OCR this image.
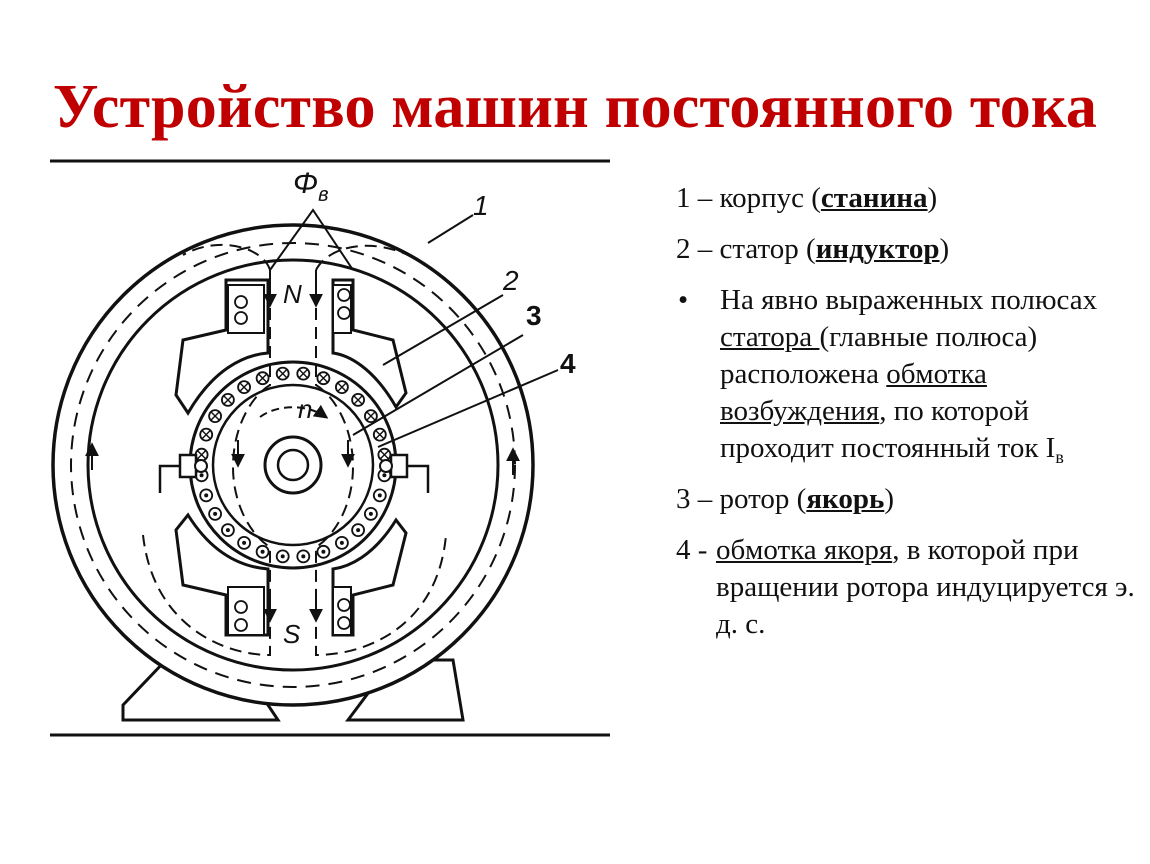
Устройство машин постоянного тока
$\Phi_в$
N
S
n
1
2
3
4
1 – корпус (станина)
2 – статор (индуктор)
• На явно выраженных полюсах статора (главные полюса) расположена обмотка возбуждения, по которой проходит постоянный ток $I_в$
3 – ротор (якорь)
4 - обмотка якоря, в которой при вращении ротора индуцируется э. д. с.
